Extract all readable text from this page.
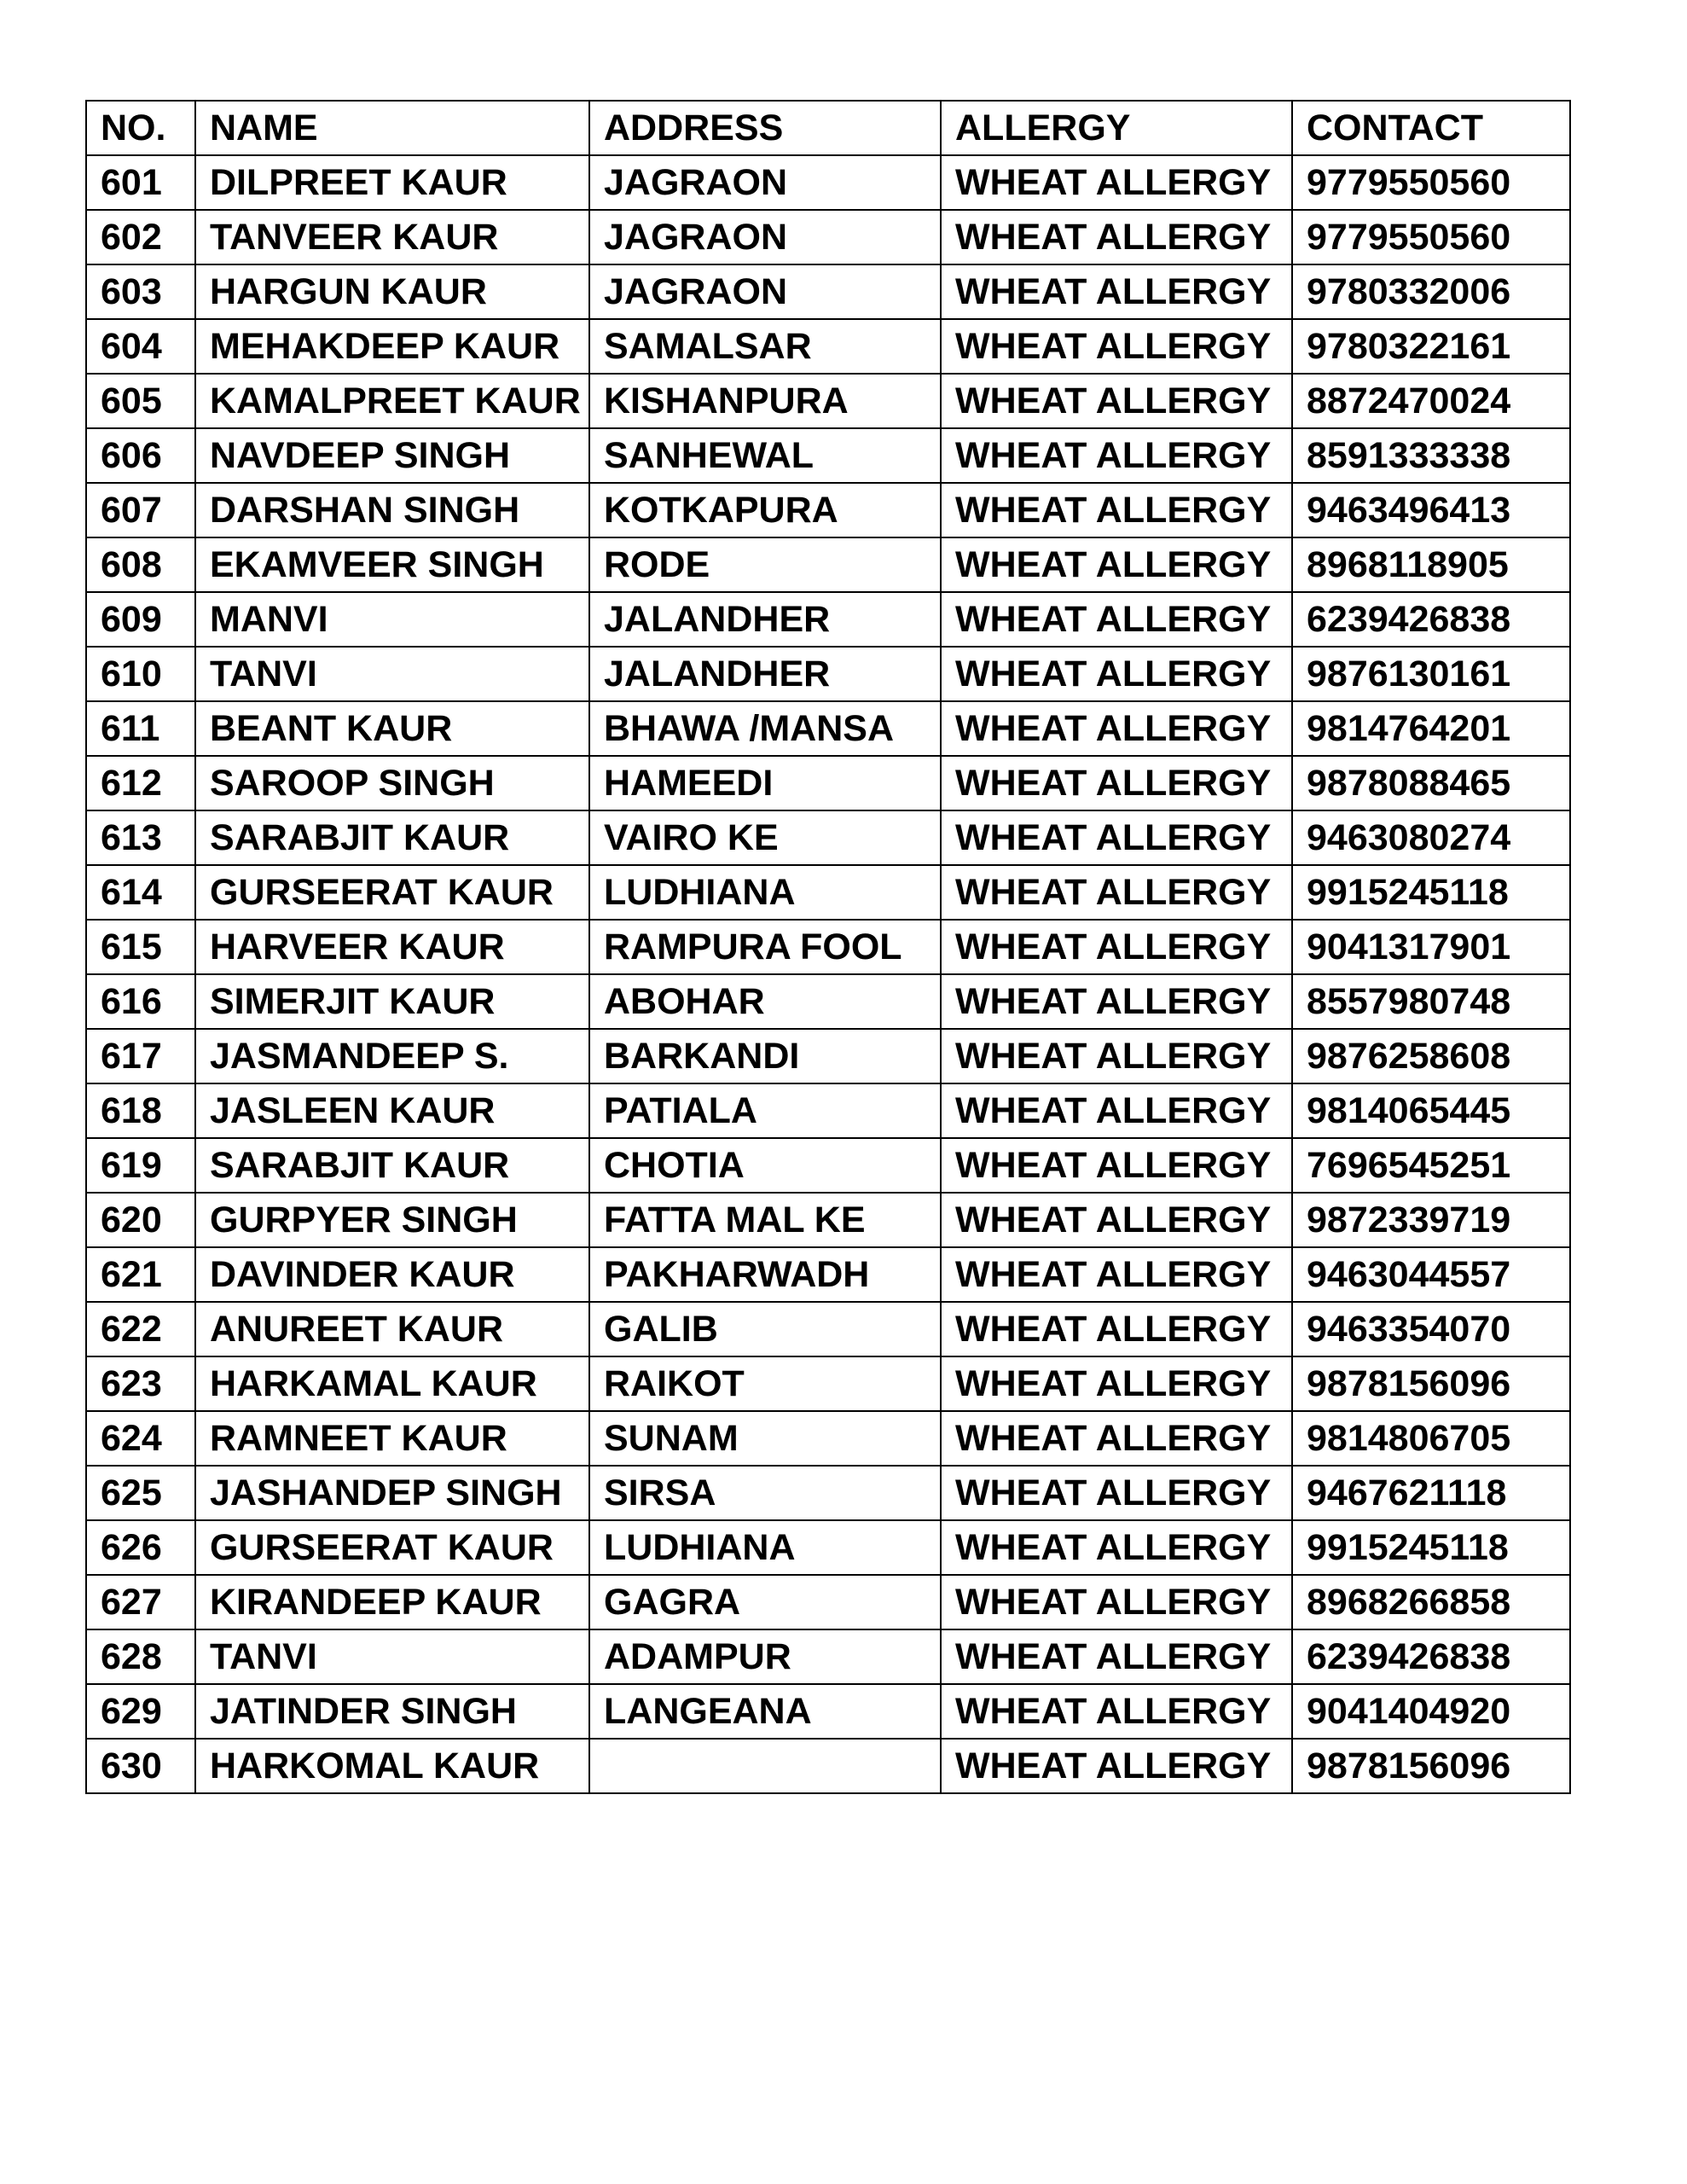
NO.	NAME	ADDRESS	ALLERGY	CONTACT
601	DILPREET KAUR	JAGRAON	WHEAT ALLERGY	9779550560
602	TANVEER KAUR	JAGRAON	WHEAT ALLERGY	9779550560
603	HARGUN KAUR	JAGRAON	WHEAT ALLERGY	9780332006
604	MEHAKDEEP KAUR	SAMALSAR	WHEAT ALLERGY	9780322161
605	KAMALPREET KAUR	KISHANPURA	WHEAT ALLERGY	8872470024
606	NAVDEEP SINGH	SANHEWAL	WHEAT ALLERGY	8591333338
607	DARSHAN SINGH	KOTKAPURA	WHEAT ALLERGY	9463496413
608	EKAMVEER SINGH	RODE	WHEAT ALLERGY	8968118905
609	MANVI	JALANDHER	WHEAT ALLERGY	6239426838
610	TANVI	JALANDHER	WHEAT ALLERGY	9876130161
611	BEANT KAUR	BHAWA /MANSA	WHEAT ALLERGY	9814764201
612	SAROOP SINGH	HAMEEDI	WHEAT ALLERGY	9878088465
613	SARABJIT KAUR	VAIRO KE	WHEAT ALLERGY	9463080274
614	GURSEERAT KAUR	LUDHIANA	WHEAT ALLERGY	9915245118
615	HARVEER KAUR	RAMPURA FOOL	WHEAT ALLERGY	9041317901
616	SIMERJIT KAUR	ABOHAR	WHEAT ALLERGY	8557980748
617	JASMANDEEP S.	BARKANDI	WHEAT ALLERGY	9876258608
618	JASLEEN KAUR	PATIALA	WHEAT ALLERGY	9814065445
619	SARABJIT KAUR	CHOTIA	WHEAT ALLERGY	7696545251
620	GURPYER SINGH	FATTA MAL KE	WHEAT ALLERGY	9872339719
621	DAVINDER KAUR	PAKHARWADH	WHEAT ALLERGY	9463044557
622	ANUREET KAUR	GALIB	WHEAT ALLERGY	9463354070
623	HARKAMAL KAUR	RAIKOT	WHEAT ALLERGY	9878156096
624	RAMNEET KAUR	SUNAM	WHEAT ALLERGY	9814806705
625	JASHANDEP SINGH	SIRSA	WHEAT ALLERGY	9467621118
626	GURSEERAT KAUR	LUDHIANA	WHEAT ALLERGY	9915245118
627	KIRANDEEP KAUR	GAGRA	WHEAT ALLERGY	8968266858
628	TANVI	ADAMPUR	WHEAT ALLERGY	6239426838
629	JATINDER SINGH	LANGEANA	WHEAT ALLERGY	9041404920
630	HARKOMAL KAUR		WHEAT ALLERGY	9878156096
